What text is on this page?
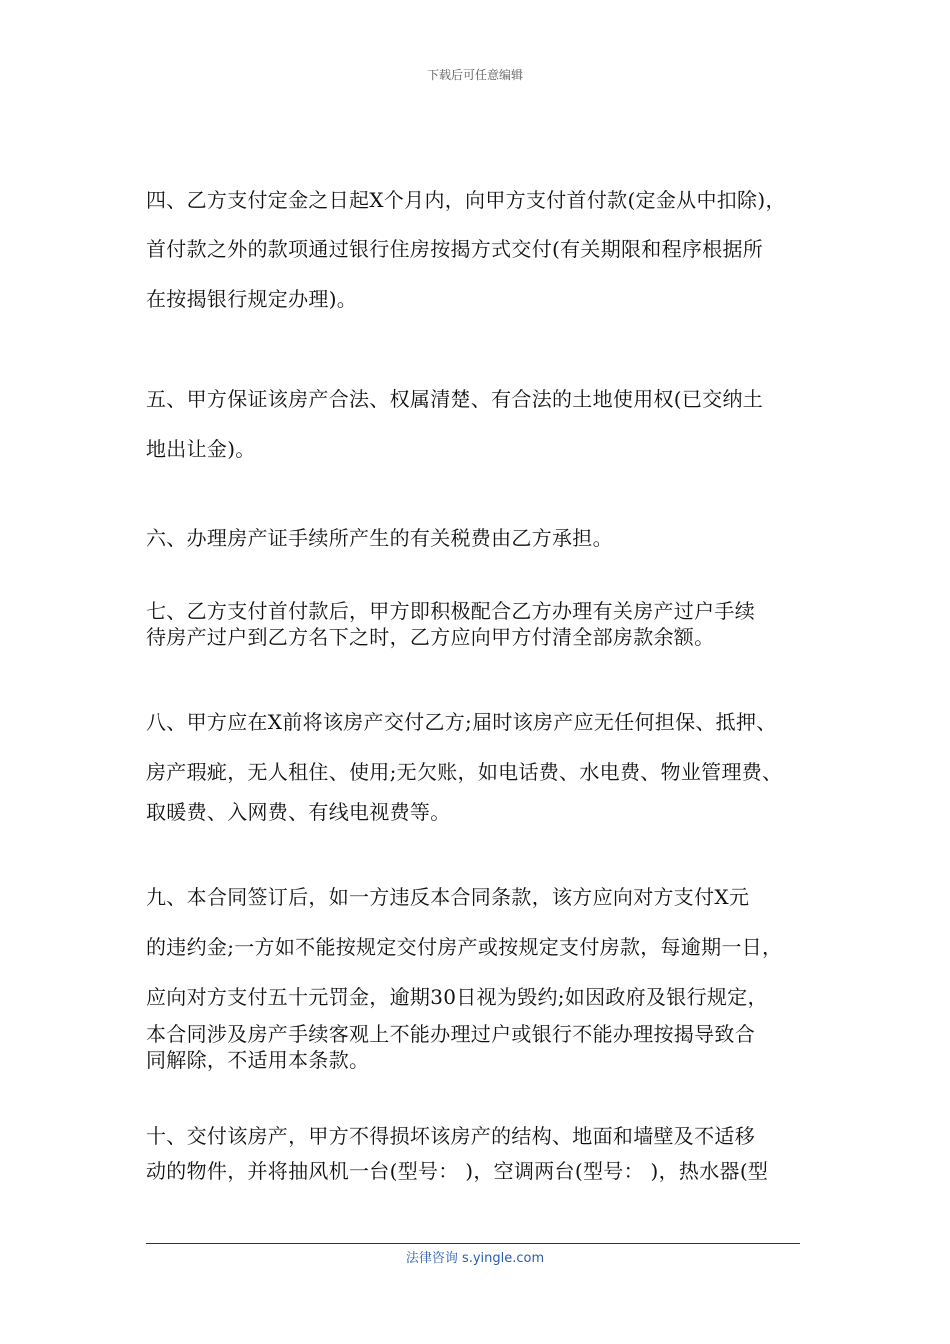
下载后可任意编辑
四、乙方支付定金之日起X个月内，向甲方支付首付款(定金从中扣除)，
首付款之外的款项通过银行住房按揭方式交付(有关期限和程序根据所
在按揭银行规定办理)。
五、甲方保证该房产合法、权属清楚、有合法的土地使用权(已交纳土
地出让金)。
六、办理房产证手续所产生的有关税费由乙方承担。
七、乙方支付首付款后，甲方即积极配合乙方办理有关房产过户手续
待房产过户到乙方名下之时，乙方应向甲方付清全部房款余额。
八、甲方应在X前将该房产交付乙方;届时该房产应无任何担保、抵押、
房产瑕疵，无人租住、使用;无欠账，如电话费、水电费、物业管理费、
取暖费、入网费、有线电视费等。
九、本合同签订后，如一方违反本合同条款，该方应向对方支付X元
的违约金;一方如不能按规定交付房产或按规定支付房款，每逾期一日，
应向对方支付五十元罚金，逾期30日视为毁约;如因政府及银行规定，
本合同涉及房产手续客观上不能办理过户或银行不能办理按揭导致合
同解除，不适用本条款。
十、交付该房产，甲方不得损坏该房产的结构、地面和墙壁及不适移
动的物件，并将抽风机一台(型号： )，空调两台(型号： )，热水器(型
法律咨询 s.yingle.com
